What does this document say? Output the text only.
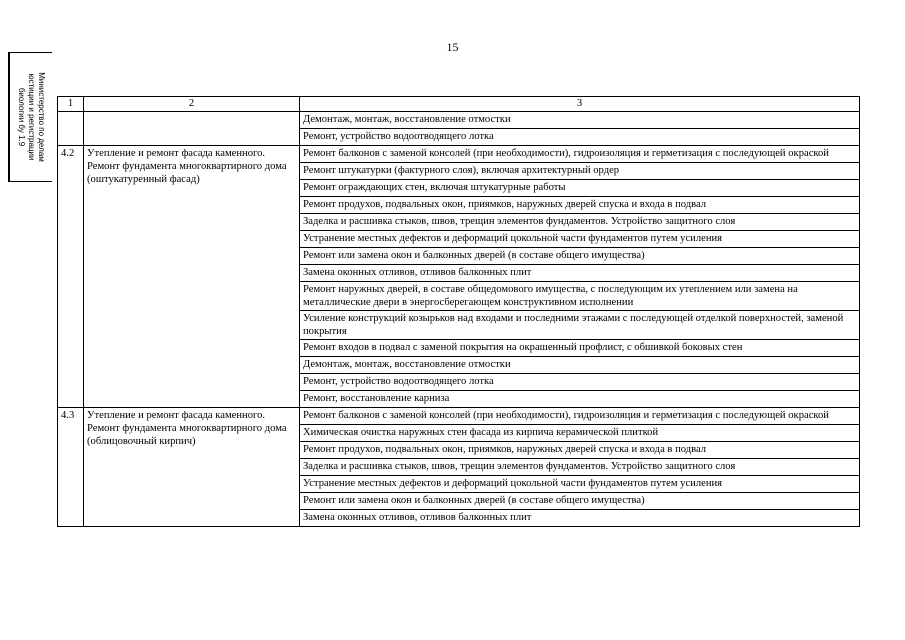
15
Министерство по делам
юстиции и регистрации
биологии бу 1.9	1	2	3
		Демонтаж, монтаж, восстановление отмостки
		Ремонт, устройство водоотводящего лотка
4.2	Утепление и ремонт фасада каменного. Ремонт фундамента многоквартирного дома (оштукатуренный фасад)	Ремонт балконов с заменой консолей (при необходимости), гидроизоляция и герметизация с последующей окраской
		Ремонт штукатурки (фактурного слоя), включая архитектурный ордер
		Ремонт ограждающих стен, включая штукатурные работы
		Ремонт продухов, подвальных окон, приямков, наружных дверей спуска и входа в подвал
		Заделка и расшивка стыков, швов, трещин элементов фундаментов. Устройство защитного слоя
		Устранение местных дефектов и деформаций цокольной части фундаментов путем усиления
		Ремонт или замена окон и балконных дверей (в составе общего имущества)
		Замена оконных отливов, отливов балконных плит
		Ремонт наружных дверей, в составе общедомового имущества, с последующим их утеплением или замена на металлические двери в энергосберегающем конструктивном исполнении
		Усиление конструкций козырьков над входами и последними этажами с последующей отделкой поверхностей, заменой покрытия
		Ремонт входов в подвал с заменой покрытия на окрашенный профлист, с обшивкой боковых стен
		Демонтаж, монтаж, восстановление отмостки
		Ремонт, устройство водоотводящего лотка
		Ремонт, восстановление карниза
4.3	Утепление и ремонт фасада каменного. Ремонт фундамента многоквартирного дома (облицовочный кирпич)	Ремонт балконов с заменой консолей (при необходимости), гидроизоляция и герметизация с последующей окраской
		Химическая очистка наружных стен фасада из кирпича керамической плиткой
		Ремонт продухов, подвальных окон, приямков, наружных дверей спуска и входа в подвал
		Заделка и расшивка стыков, швов, трещин элементов фундаментов. Устройство защитного слоя
		Устранение местных дефектов и деформаций цокольной части фундаментов путем усиления
		Ремонт или замена окон и балконных дверей (в составе общего имущества)
		Замена оконных отливов, отливов балконных плит
